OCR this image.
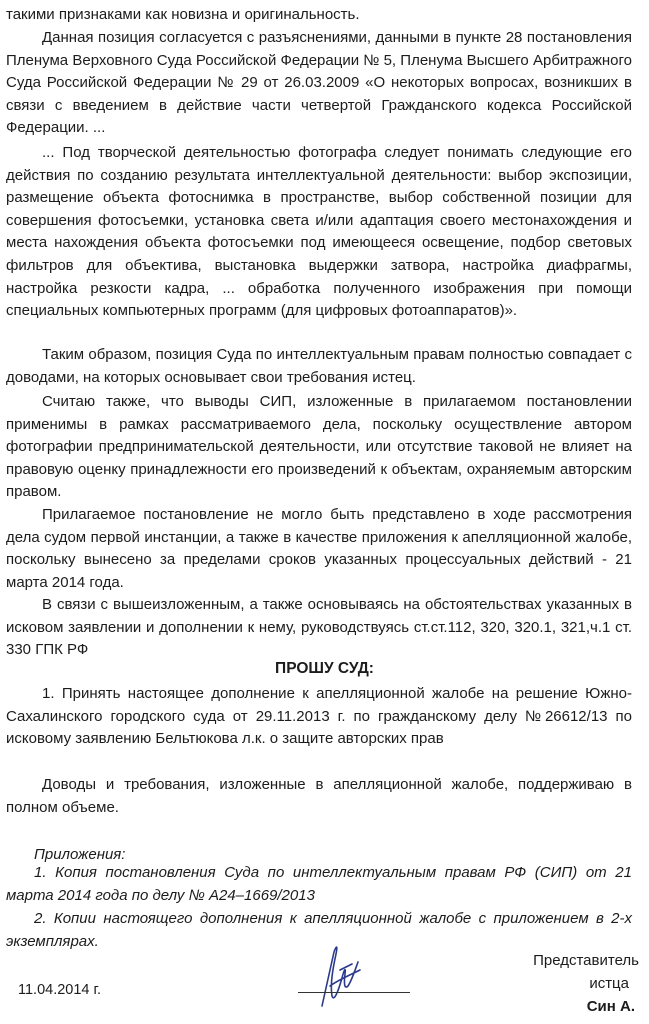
такими признаками как новизна и оригинальность.

Данная позиция согласуется с разъяснениями, данными в пункте 28 постановления Пленума Верховного Суда Российской Федерации № 5, Пленума Высшего Арбитражного Суда Российской Федерации № 29 от 26.03.2009 «О некоторых вопросах, возникших в связи с введением в действие части четвертой Гражданского кодекса Российской Федерации. ...

... Под творческой деятельностью фотографа следует понимать следующие его действия по созданию результата интеллектуальной деятельности: выбор экспозиции, размещение объекта фотоснимка в пространстве, выбор собственной позиции для совершения фотосъемки, установка света и/или адаптация своего местонахождения и места нахождения объекта фотосъемки под имеющееся освещение, подбор световых фильтров для объектива, выстановка выдержки затвора, настройка диафрагмы, настройка резкости кадра, ... обработка полученного изображения при помощи специальных компьютерных программ (для цифровых фотоаппаратов)».

Таким образом, позиция Суда по интеллектуальным правам полностью совпадает с доводами, на которых основывает свои требования истец.

Считаю также, что выводы СИП, изложенные в прилагаемом постановлении применимы в рамках рассматриваемого дела, поскольку осуществление автором фотографии предпринимательской деятельности, или отсутствие таковой не влияет на правовую оценку принадлежности его произведений к объектам, охраняемым авторским правом.

Прилагаемое постановление не могло быть представлено в ходе рассмотрения дела судом первой инстанции, а также в качестве приложения к апелляционной жалобе, поскольку вынесено за пределами сроков указанных процессуальных действий - 21 марта 2014 года.

В связи с вышеизложенным, а также основываясь на обстоятельствах указанных в исковом заявлении и дополнении к нему, руководствуясь ст.ст.112, 320, 320.1, 321,ч.1 ст. 330 ГПК РФ

ПРОШУ СУД:

1. Принять настоящее дополнение к апелляционной жалобе на решение Южно-Сахалинского городского суда от 29.11.2013 г. по гражданскому делу №26612/13 по исковому заявлению Бельтюкова л.к. о защите авторских прав

Доводы и требования, изложенные в апелляционной жалобе, поддерживаю в полном объеме.

Приложения:

1. Копия постановления Суда по интеллектуальным правам РФ (СИП) от 21 марта 2014 года по делу № А24–1669/2013

2. Копии настоящего дополнения к апелляционной жалобе с приложением в 2-х экземплярах.

11.04.2014 г.

Представитель

истца

Син А.
